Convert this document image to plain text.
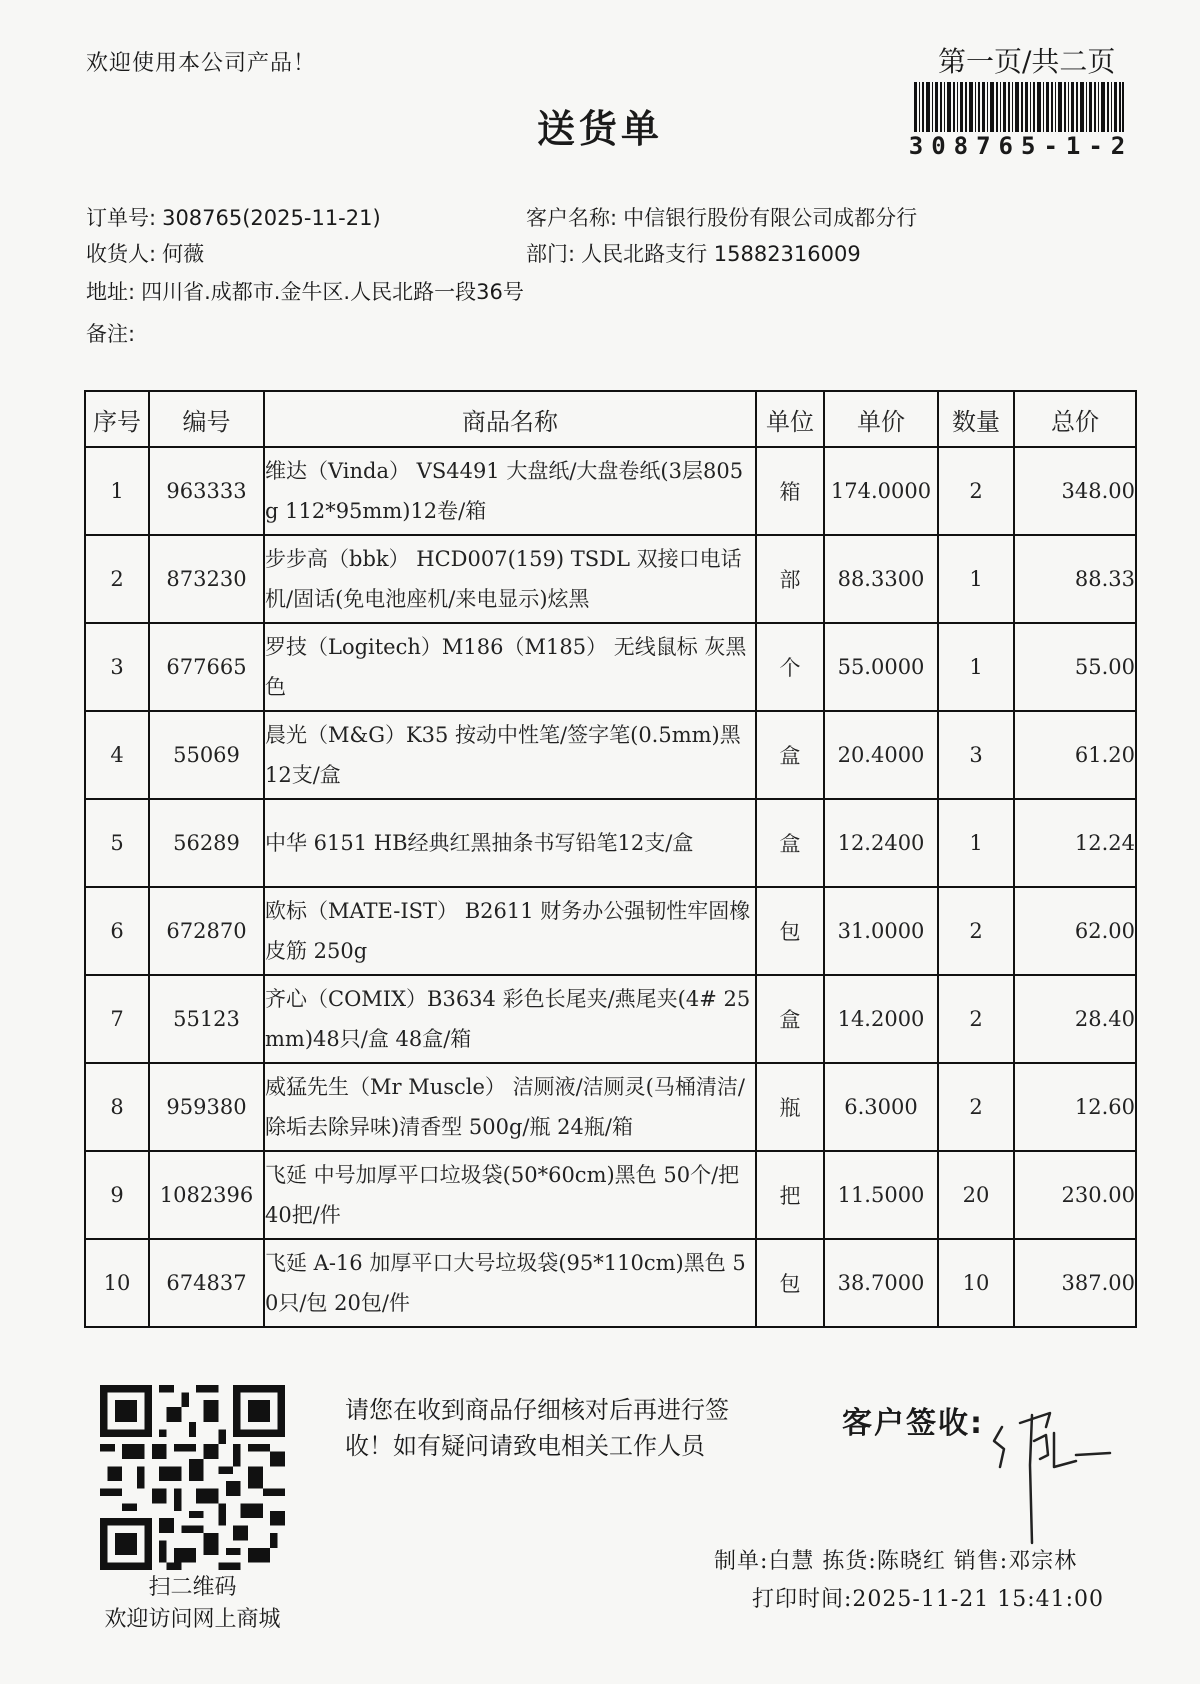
欢迎使用本公司产品！	第一页/共二页
送货单	308765-1-2
订单号: 308765(2025-11-21)	客户名称: 中信银行股份有限公司成都分行
收货人: 何薇	部门: 人民北路支行 15882316009
地址: 四川省.成都市.金牛区.人民北路一段36号
备注:
序号	编号	商品名称	单位	单价	数量	总价
1	963333	维达（Vinda） VS4491 大盘纸/大盘卷纸(3层805g 112*95mm)12卷/箱	箱	174.0000	2	348.00
2	873230	步步高（bbk） HCD007(159) TSDL 双接口电话机/固话(免电池座机/来电显示)炫黑	部	88.3300	1	88.33
3	677665	罗技（Logitech）M186（M185） 无线鼠标 灰黑色	个	55.0000	1	55.00
4	55069	晨光（M&G）K35 按动中性笔/签字笔(0.5mm)黑 12支/盒	盒	20.4000	3	61.20
5	56289	中华 6151 HB经典红黑抽条书写铅笔12支/盒	盒	12.2400	1	12.24
6	672870	欧标（MATE-IST） B2611 财务办公强韧性牢固橡皮筋 250g	包	31.0000	2	62.00
7	55123	齐心（COMIX）B3634 彩色长尾夹/燕尾夹(4# 25mm)48只/盒 48盒/箱	盒	14.2000	2	28.40
8	959380	威猛先生（Mr Muscle） 洁厕液/洁厕灵(马桶清洁/除垢去除异味)清香型 500g/瓶 24瓶/箱	瓶	6.3000	2	12.60
9	1082396	飞延 中号加厚平口垃圾袋(50*60cm)黑色 50个/把 40把/件	把	11.5000	20	230.00
10	674837	飞延 A-16 加厚平口大号垃圾袋(95*110cm)黑色 50只/包 20包/件	包	38.7000	10	387.00
扫二维码
欢迎访问网上商城
请您在收到商品仔细核对后再进行签收！如有疑问请致电相关工作人员
客户签收:
制单:白慧 拣货:陈晓红 销售:邓宗林
打印时间:2025-11-21 15:41:00
